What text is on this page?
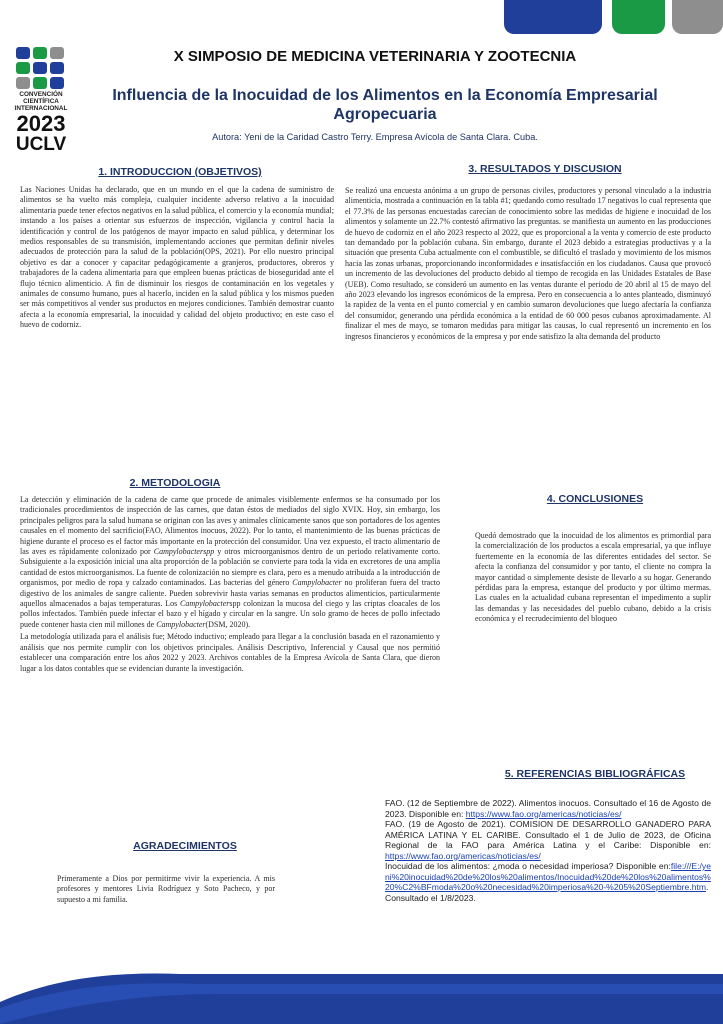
CONVENCIÓN
CIENTÍFICA
INTERNACIONAL
2023
UCLV
X SIMPOSIO DE MEDICINA VETERINARIA Y ZOOTECNIA
Influencia de la Inocuidad de los Alimentos en la Economía Empresarial Agropecuaria
Autora: Yeni de la Caridad Castro Terry. Empresa Avícola de Santa Clara. Cuba.
1. INTRODUCCION (OBJETIVOS)
Las Naciones Unidas ha declarado, que en un mundo en el que la cadena de suministro de alimentos se ha vuelto más compleja, cualquier incidente adverso relativo a la inocuidad alimentaria puede tener efectos negativos en la salud pública, el comercio y la economía mundial; instando a los países a orientar sus esfuerzos de inspección, vigilancia y control hacia la identificación y control de los patógenos de mayor impacto en salud pública, y determinar los medios responsables de su transmisión, implementando acciones que permitan definir niveles adecuados de protección para la salud de la población(OPS, 2021). Por ello nuestro principal objetivo es dar a conocer y capacitar pedagógicamente a granjeros, productores, obreros y trabajadores de la cadena alimentaria para que empleen buenas prácticas de bioseguridad ante el flujo técnico alimenticio. A fin de disminuir los riesgos de contaminación en los vegetales y animales de consumo humano, pues al hacerlo, inciden en la salud pública y los mismos pueden ser más competitivos al vender sus productos en mejores condiciones. También demostrar cuanto afecta a la economía empresarial, la inocuidad y calidad del objeto productivo; en este caso el huevo de codorniz.
3. RESULTADOS Y DISCUSION
Se realizó una encuesta anónima a un grupo de personas civiles, productores y personal vinculado a la industria alimenticia, mostrada a continuación en la tabla #1; quedando como resultado 17 negativos lo cual representa que el 77.3% de las personas encuestadas carecían de conocimiento sobre las medidas de higiene e inocuidad de los alimentos y solamente un 22.7% contestó afirmativo las preguntas. se manifiesta un aumento en las producciones de huevo de codorniz en el año 2023 respecto al 2022, que es proporcional a la venta y comercio de este producto tan demandado por la población cubana. Sin embargo, durante el 2023 debido a estrategias productivas y a la situación que presenta Cuba actualmente con el combustible, se dificultó el traslado y movimiento de los mismos hacia las zonas urbanas, proporcionando inconformidades e insatisfacción en los ciudadanos. Causa que provocó un incremento de las devoluciones del producto debido al tiempo de recogida en las Unidades Estatales de Base (UEB). Como resultado, se consideró un aumento en las ventas durante el periodo de 20 abril al 15 de mayo del año 2023 elevando los ingresos económicos de la empresa. Pero en consecuencia a lo antes planteado, disminuyó la rapidez de la venta en el punto comercial y en cambio sumaron devoluciones que luego afectaría la confianza del consumidor, generando una pérdida económica a la entidad de 60 000 pesos cubanos aproximadamente. Al finalizar el mes de mayo, se tomaron medidas para mitigar las causas, lo cual representó un incremento en los ingresos financieros y económicos de la empresa y por ende satisfizo la alta demanda del producto
2. METODOLOGIA
La detección y eliminación de la cadena de carne que procede de animales visiblemente enfermos se ha consumado por los tradicionales procedimientos de inspección de las carnes, que datan éstos de mediados del siglo XVIX. Hoy, sin embargo, los principales peligros para la salud humana se originan con las aves y animales clínicamente sanos que son portadores de los agentes causales en el momento del sacrificio(FAO, Alimentos inocuos, 2022). Por lo tanto, el mantenimiento de las buenas prácticas de higiene durante el proceso es el factor más importante en la protección del consumidor. Una vez expuesto, el tracto alimentario de las aves es rápidamente colonizado por Campylobacterspp y otros microorganismos dentro de un periodo relativamente corto. Subsiguiente a la exposición inicial una alta proporción de la población se convierte para toda la vida en excretores de una amplia cantidad de estos microorganismos. La fuente de colonización no siempre es clara, pero es a menudo atribuida a la introducción de organismos, por medio de ropa y calzado contaminados. Las bacterias del género Campylobacter no proliferan fuera del tracto digestivo de los animales de sangre caliente. Pueden sobrevivir hasta varias semanas en productos alimenticios, particularmente aquellos almacenados a bajas temperaturas. Los Campylobacterspp colonizan la mucosa del ciego y las criptas cloacales de los pollos infectados. También puede infectar el bazo y el hígado y circular en la sangre. Un solo gramo de heces de pollo infectado puede contener hasta cien mil millones de Campylobacter(DSM, 2020).
La metodología utilizada para el análisis fue; Método inductivo; empleado para llegar a la conclusión basada en el razonamiento y análisis que nos permite cumplir con los objetivos principales. Análisis Descriptivo, Inferencial y Causal que nos permitió establecer una comparación entre los años 2022 y 2023. Archivos contables de la Empresa Avícola de Santa Clara, que dieron lugar a los datos contables que se evidencian durante la investigación.
4. CONCLUSIONES
Quedó demostrado que la inocuidad de los alimentos es primordial para la comercialización de los productos a escala empresarial, ya que influye fuertemente en la economía de las diferentes entidades del sector. Se afecta la confianza del consumidor y por tanto, el cliente no compra la mayor cantidad o simplemente desiste de llevarlo a su hogar. Generando pérdidas para la empresa, estanque del producto y por último mermas. Las cuales en la actualidad cubana representan el impedimento a suplir las demandas y las necesidades del pueblo cubano, debido a la crisis económica y el recrudecimiento del bloqueo
5. REFERENCIAS BIBLIOGRÁFICAS

FAO. (12 de Septiembre de 2022). Alimentos inocuos. Consultado el 16 de Agosto de 2023. Disponible en: https://www.fao.org/americas/noticias/es/

FAO. (19 de Agosto de 2021). COMISION DE DESARROLLO GANADERO PARA AMÉRICA LATINA Y EL CARIBE. Consultado el 1 de Julio de 2023, de Oficina Regional de la FAO para América Latina y el Caribe: Disponible en: https://www.fao.org/americas/noticias/es/

Inocuidad de los alimentos: ¿moda o necesidad imperiosa? Disponible en:file:///E:/yeni%20inocuidad%20de%20los%20alimentos/Inocuidad%20de%20los%20alimentos%20%C2%BFmoda%20o%20necesidad%20imperiosa%20-%205%20Septiembre.htm. Consultado el 1/8/2023.

AGRADECIMIENTOS
Primeramente a Dios por permitirme vivir la experiencia. A mis profesores y mentores Livia Rodríguez y Soto Pacheco, y por supuesto a mi familia.
